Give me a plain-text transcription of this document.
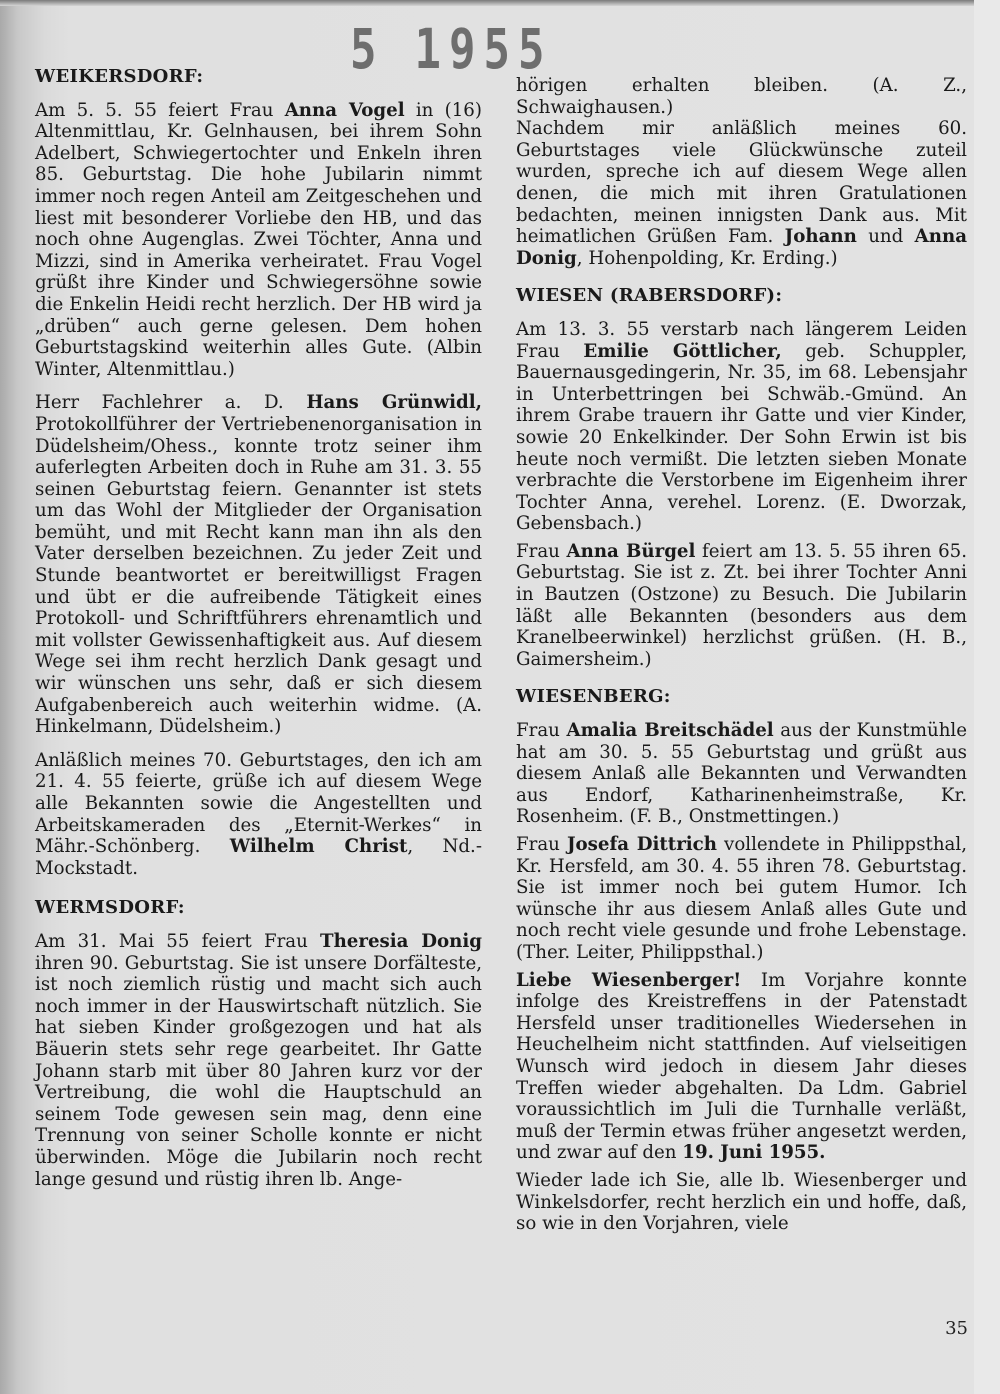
5 1955
WEIKERSDORF:

Am 5. 5. 55 feiert Frau Anna Vogel in (16) Altenmittlau, Kr. Gelnhausen, bei ihrem Sohn Adelbert, Schwiegertochter und Enkeln ihren 85. Geburtstag. Die hohe Jubilarin nimmt immer noch regen Anteil am Zeitgeschehen und liest mit besonderer Vorliebe den HB, und das noch ohne Augenglas. Zwei Töchter, Anna und Mizzi, sind in Amerika verheiratet. Frau Vogel grüßt ihre Kinder und Schwiegersöhne sowie die Enkelin Heidi recht herzlich. Der HB wird ja „drüben“ auch gerne gelesen. Dem hohen Geburtstagskind weiterhin alles Gute. (Albin Winter, Altenmittlau.)

Herr Fachlehrer a. D. Hans Grünwidl, Protokollführer der Vertriebenenorganisation in Düdelsheim/Ohess., konnte trotz seiner ihm auferlegten Arbeiten doch in Ruhe am 31. 3. 55 seinen Geburtstag feiern. Genannter ist stets um das Wohl der Mitglieder der Organisation bemüht, und mit Recht kann man ihn als den Vater derselben bezeichnen. Zu jeder Zeit und Stunde beantwortet er bereitwilligst Fragen und übt er die aufreibende Tätigkeit eines Protokoll- und Schriftführers ehrenamtlich und mit vollster Gewissenhaftigkeit aus. Auf diesem Wege sei ihm recht herzlich Dank gesagt und wir wünschen uns sehr, daß er sich diesem Aufgabenbereich auch weiterhin widme. (A. Hinkelmann, Düdelsheim.)

Anläßlich meines 70. Geburtstages, den ich am 21. 4. 55 feierte, grüße ich auf diesem Wege alle Bekannten sowie die Angestellten und Arbeitskameraden des „Eternit-Werkes“ in Mähr.-Schönberg. Wilhelm Christ, Nd.-Mockstadt.

WERMSDORF:

Am 31. Mai 55 feiert Frau Theresia Donig ihren 90. Geburtstag. Sie ist unsere Dorfälteste, ist noch ziemlich rüstig und macht sich auch noch immer in der Hauswirtschaft nützlich. Sie hat sieben Kinder großgezogen und hat als Bäuerin stets sehr rege gearbeitet. Ihr Gatte Johann starb mit über 80 Jahren kurz vor der Vertreibung, die wohl die Hauptschuld an seinem Tode gewesen sein mag, denn eine Trennung von seiner Scholle konnte er nicht überwinden. Möge die Jubilarin noch recht lange gesund und rüstig ihren lb. Ange-

hörigen erhalten bleiben. (A. Z., Schwaighausen.)

Nachdem mir anläßlich meines 60. Geburtstages viele Glückwünsche zuteil wurden, spreche ich auf diesem Wege allen denen, die mich mit ihren Gratulationen bedachten, meinen innigsten Dank aus. Mit heimatlichen Grüßen Fam. Johann und Anna Donig, Hohenpolding, Kr. Erding.)

WIESEN (RABERSDORF):

Am 13. 3. 55 verstarb nach längerem Leiden Frau Emilie Göttlicher, geb. Schuppler, Bauernausgedingerin, Nr. 35, im 68. Lebensjahr in Unterbettringen bei Schwäb.-Gmünd. An ihrem Grabe trauern ihr Gatte und vier Kinder, sowie 20 Enkelkinder. Der Sohn Erwin ist bis heute noch vermißt. Die letzten sieben Monate verbrachte die Verstorbene im Eigenheim ihrer Tochter Anna, verehel. Lorenz. (E. Dworzak, Gebensbach.)

Frau Anna Bürgel feiert am 13. 5. 55 ihren 65. Geburtstag. Sie ist z. Zt. bei ihrer Tochter Anni in Bautzen (Ostzone) zu Besuch. Die Jubilarin läßt alle Bekannten (besonders aus dem Kranelbeerwinkel) herzlichst grüßen. (H. B., Gaimersheim.)

WIESENBERG:

Frau Amalia Breitschädel aus der Kunstmühle hat am 30. 5. 55 Geburtstag und grüßt aus diesem Anlaß alle Bekannten und Verwandten aus Endorf, Katharinenheimstraße, Kr. Rosenheim. (F. B., Onstmettingen.)

Frau Josefa Dittrich vollendete in Philippsthal, Kr. Hersfeld, am 30. 4. 55 ihren 78. Geburtstag. Sie ist immer noch bei gutem Humor. Ich wünsche ihr aus diesem Anlaß alles Gute und noch recht viele gesunde und frohe Lebenstage. (Ther. Leiter, Philippsthal.)

Liebe Wiesenberger! Im Vorjahre konnte infolge des Kreistreffens in der Patenstadt Hersfeld unser traditionelles Wiedersehen in Heuchelheim nicht stattfinden. Auf vielseitigen Wunsch wird jedoch in diesem Jahr dieses Treffen wieder abgehalten. Da Ldm. Gabriel voraussichtlich im Juli die Turnhalle verläßt, muß der Termin etwas früher angesetzt werden, und zwar auf den 19. Juni 1955.

Wieder lade ich Sie, alle lb. Wiesenberger und Winkelsdorfer, recht herzlich ein und hoffe, daß, so wie in den Vorjahren, viele

35
